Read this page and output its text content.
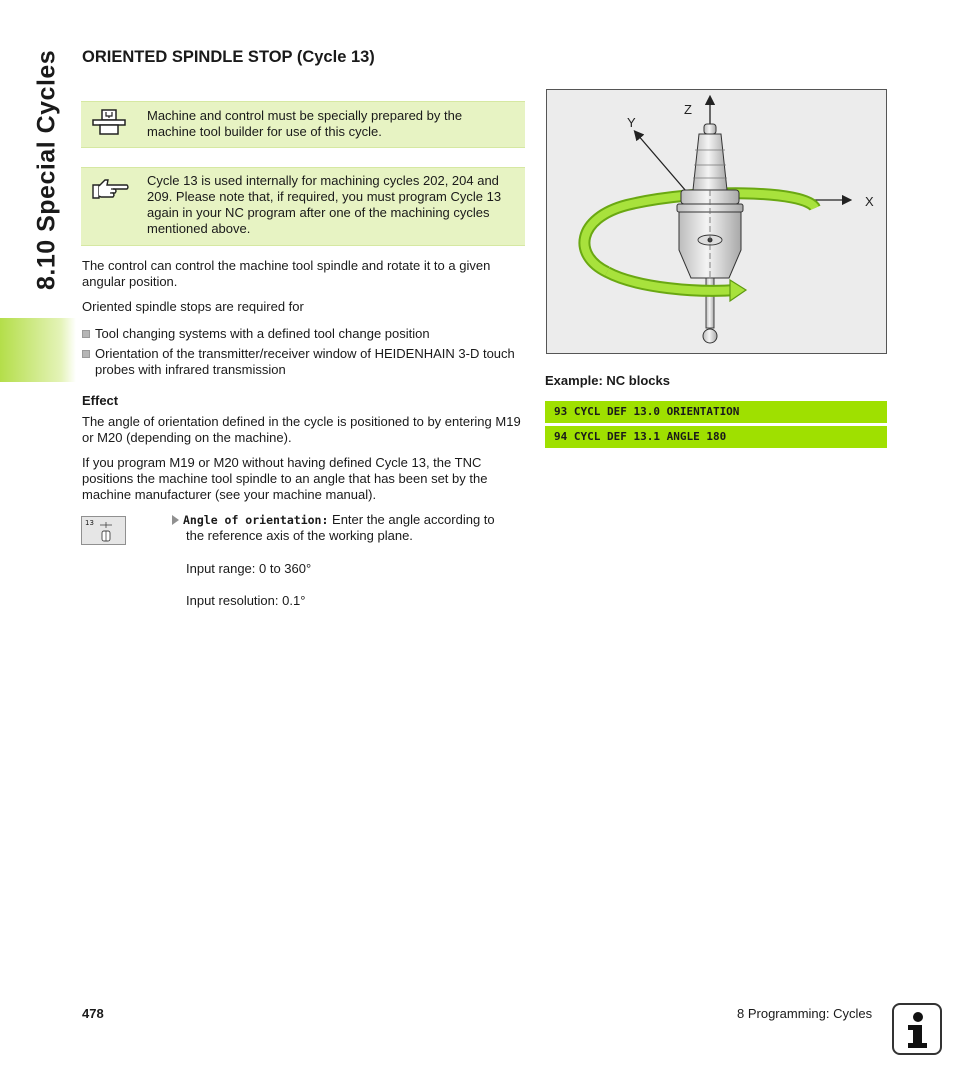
8.10 Special Cycles	ORIENTED SPINDLE STOP (Cycle 13)
Machine and control must be specially prepared by the machine tool builder for use of this cycle.
Cycle 13 is used internally for machining cycles 202, 204 and 209. Please note that, if required, you must program Cycle 13 again in your NC program after one of the machining cycles mentioned above.
The control can control the machine tool spindle and rotate it to a given angular position.
Oriented spindle stops are required for
Tool changing systems with a defined tool change position
Orientation of the transmitter/receiver window of HEIDENHAIN 3-D touch probes with infrared transmission
Effect
The angle of orientation defined in the cycle is positioned to by entering M19 or M20 (depending on the machine).
If you program M19 or M20 without having defined Cycle 13, the TNC positions the machine tool spindle to an angle that has been set by the machine manufacturer (see your machine manual).
13	Angle of orientation: Enter the angle according to
the reference axis of the working plane.
Input range: 0 to 360°
Input resolution: 0.1°
Z
Y
X
Example: NC blocks
93 CYCL DEF 13.0 ORIENTATION
94 CYCL DEF 13.1 ANGLE 180
478	8 Programming: Cycles
